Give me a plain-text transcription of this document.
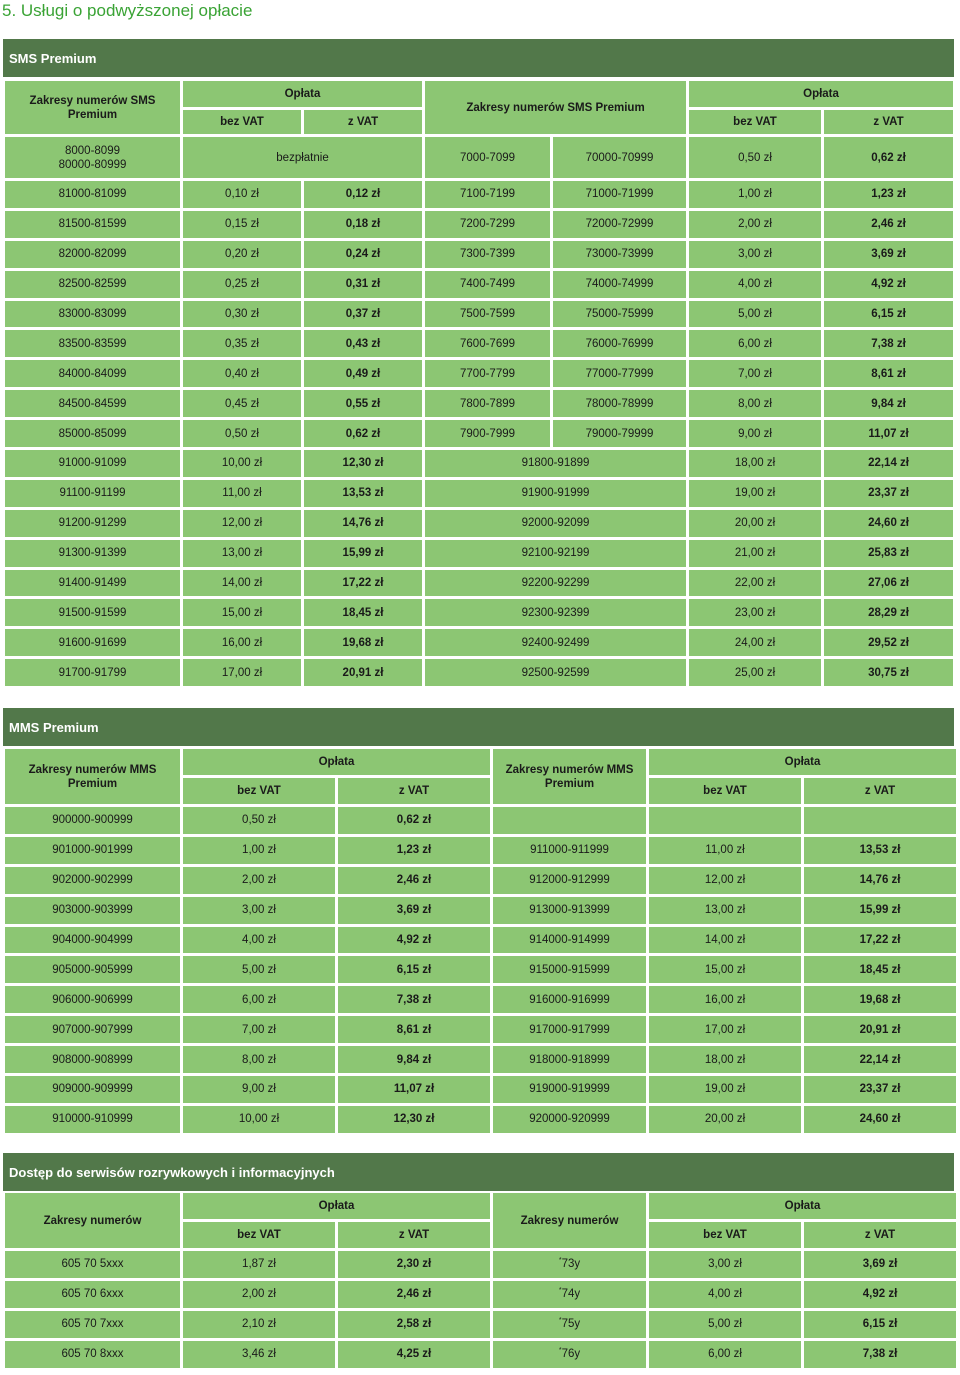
5. Usługi o podwyższonej opłacie
SMS Premium
Zakresy numerów SMS Premium	Opłata		Zakresy numerów SMS Premium		Opłata	
	bez VAT	z VAT			bez VAT	z VAT
8000-8099
80000-80999	bezpłatnie		7000-7099	70000-70999	0,50 zł	0,62 zł
81000-81099	0,10 zł	0,12 zł	7100-7199	71000-71999	1,00 zł	1,23 zł
81500-81599	0,15 zł	0,18 zł	7200-7299	72000-72999	2,00 zł	2,46 zł
82000-82099	0,20 zł	0,24 zł	7300-7399	73000-73999	3,00 zł	3,69 zł
82500-82599	0,25 zł	0,31 zł	7400-7499	74000-74999	4,00 zł	4,92 zł
83000-83099	0,30 zł	0,37 zł	7500-7599	75000-75999	5,00 zł	6,15 zł
83500-83599	0,35 zł	0,43 zł	7600-7699	76000-76999	6,00 zł	7,38 zł
84000-84099	0,40 zł	0,49 zł	7700-7799	77000-77999	7,00 zł	8,61 zł
84500-84599	0,45 zł	0,55 zł	7800-7899	78000-78999	8,00 zł	9,84 zł
85000-85099	0,50 zł	0,62 zł	7900-7999	79000-79999	9,00 zł	11,07 zł
91000-91099	10,00 zł	12,30 zł	91800-91899		18,00 zł	22,14 zł
91100-91199	11,00 zł	13,53 zł	91900-91999		19,00 zł	23,37 zł
91200-91299	12,00 zł	14,76 zł	92000-92099		20,00 zł	24,60 zł
91300-91399	13,00 zł	15,99 zł	92100-92199		21,00 zł	25,83 zł
91400-91499	14,00 zł	17,22 zł	92200-92299		22,00 zł	27,06 zł
91500-91599	15,00 zł	18,45 zł	92300-92399		23,00 zł	28,29 zł
91600-91699	16,00 zł	19,68 zł	92400-92499		24,00 zł	29,52 zł
91700-91799	17,00 zł	20,91 zł	92500-92599		25,00 zł	30,75 zł
MMS Premium
Zakresy numerów MMS Premium	Opłata		Zakresy numerów MMS Premium	Opłata	
	bez VAT	z VAT		bez VAT	z VAT
900000-900999	0,50 zł	0,62 zł			
901000-901999	1,00 zł	1,23 zł	911000-911999	11,00 zł	13,53 zł
902000-902999	2,00 zł	2,46 zł	912000-912999	12,00 zł	14,76 zł
903000-903999	3,00 zł	3,69 zł	913000-913999	13,00 zł	15,99 zł
904000-904999	4,00 zł	4,92 zł	914000-914999	14,00 zł	17,22 zł
905000-905999	5,00 zł	6,15 zł	915000-915999	15,00 zł	18,45 zł
906000-906999	6,00 zł	7,38 zł	916000-916999	16,00 zł	19,68 zł
907000-907999	7,00 zł	8,61 zł	917000-917999	17,00 zł	20,91 zł
908000-908999	8,00 zł	9,84 zł	918000-918999	18,00 zł	22,14 zł
909000-909999	9,00 zł	11,07 zł	919000-919999	19,00 zł	23,37 zł
910000-910999	10,00 zł	12,30 zł	920000-920999	20,00 zł	24,60 zł
Dostęp do serwisów rozrywkowych i informacyjnych
Zakresy numerów	Opłata		Zakresy numerów	Opłata	
	bez VAT	z VAT		bez VAT	z VAT
605 70 5xxx	1,87 zł	2,30 zł	*73y	3,00 zł	3,69 zł
605 70 6xxx	2,00 zł	2,46 zł	*74y	4,00 zł	4,92 zł
605 70 7xxx	2,10 zł	2,58 zł	*75y	5,00 zł	6,15 zł
605 70 8xxx	3,46 zł	4,25 zł	*76y	6,00 zł	7,38 zł
